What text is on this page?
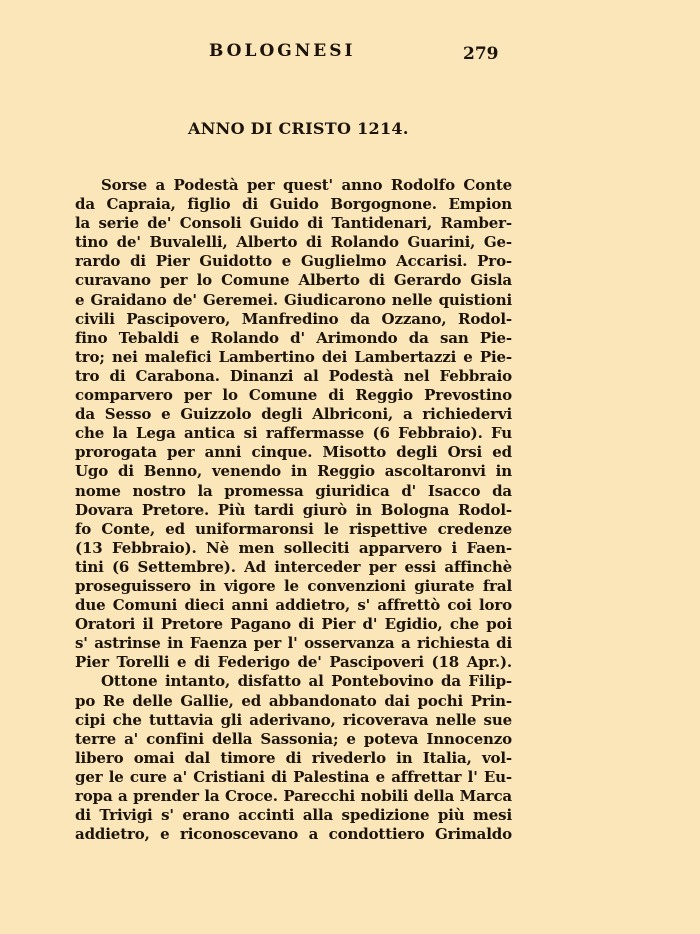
BOLOGNESI	279
ANNO DI CRISTO 1214.
Sorse a Podestà per quest' anno Rodolfo Conte
da Capraia, figlio di Guido Borgognone. Empion
la serie de' Consoli Guido di Tantidenari, Ramber-
tino de' Buvalelli, Alberto di Rolando Guarini, Ge-
rardo di Pier Guidotto e Guglielmo Accarisi. Pro-
curavano per lo Comune Alberto di Gerardo Gisla
e Graidano de' Geremei. Giudicarono nelle quistioni
civili Pascipovero, Manfredino da Ozzano, Rodol-
fino Tebaldi e Rolando d' Arimondo da san Pie-
tro; nei malefici Lambertino dei Lambertazzi e Pie-
tro di Carabona. Dinanzi al Podestà nel Febbraio
comparvero per lo Comune di Reggio Prevostino
da Sesso e Guizzolo degli Albriconi, a richiedervi
che la Lega antica si raffermasse (6 Febbraio). Fu
prorogata per anni cinque. Misotto degli Orsi ed
Ugo di Benno, venendo in Reggio ascoltaronvi in
nome nostro la promessa giuridica d' Isacco da
Dovara Pretore. Più tardi giurò in Bologna Rodol-
fo Conte, ed uniformaronsi le rispettive credenze
(13 Febbraio). Nè men solleciti apparvero i Faen-
tini (6 Settembre). Ad interceder per essi affinchè
proseguissero in vigore le convenzioni giurate fral
due Comuni dieci anni addietro, s' affrettò coi loro
Oratori il Pretore Pagano di Pier d' Egidio, che poi
s' astrinse in Faenza per l' osservanza a richiesta di
Pier Torelli e di Federigo de' Pascipoveri (18 Apr.).
Ottone intanto, disfatto al Pontebovino da Filip-
po Re delle Gallie, ed abbandonato dai pochi Prin-
cipi che tuttavia gli aderivano, ricoverava nelle sue
terre a' confini della Sassonia; e poteva Innocenzo
libero omai dal timore di rivederlo in Italia, vol-
ger le cure a' Cristiani di Palestina e affrettar l' Eu-
ropa a prender la Croce. Parecchi nobili della Marca
di Trivigi s' erano accinti alla spedizione più mesi
addietro, e riconoscevano a condottiero Grimaldo
